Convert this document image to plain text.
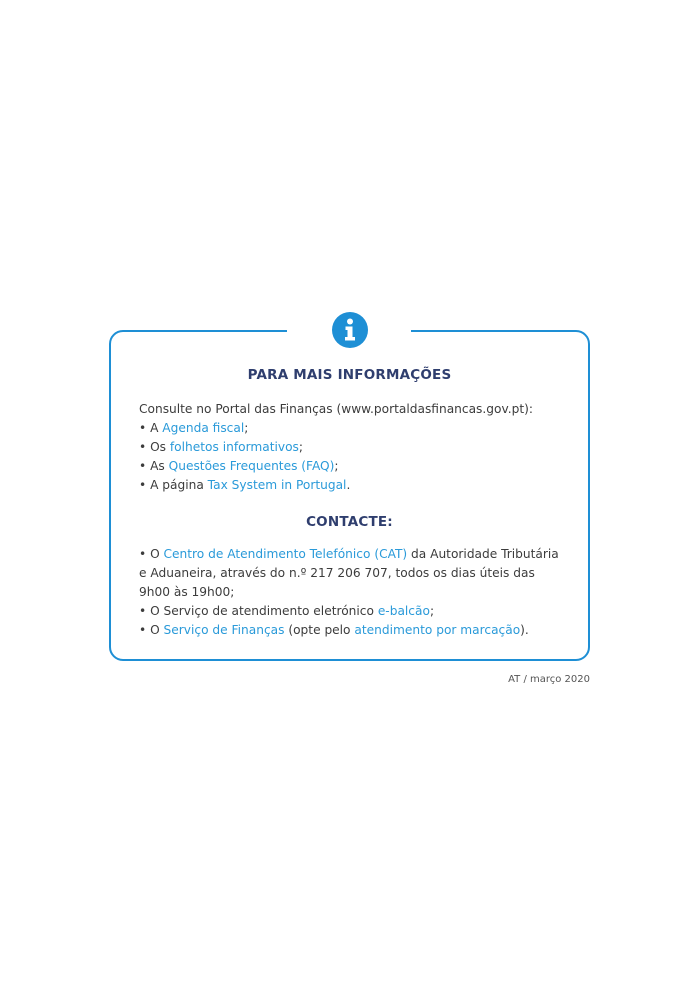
PARA MAIS INFORMAÇÕES
Consulte no Portal das Finanças (www.portaldasfinancas.gov.pt):
• A Agenda fiscal;
• Os folhetos informativos;
• As Questões Frequentes (FAQ);
• A página Tax System in Portugal.
CONTACTE:
• O Centro de Atendimento Telefónico (CAT) da Autoridade Tributária e Aduaneira, através do n.º 217 206 707, todos os dias úteis das 9h00 às 19h00;
• O Serviço de atendimento eletrónico e-balcão;
• O Serviço de Finanças (opte pelo atendimento por marcação).
AT / março 2020
